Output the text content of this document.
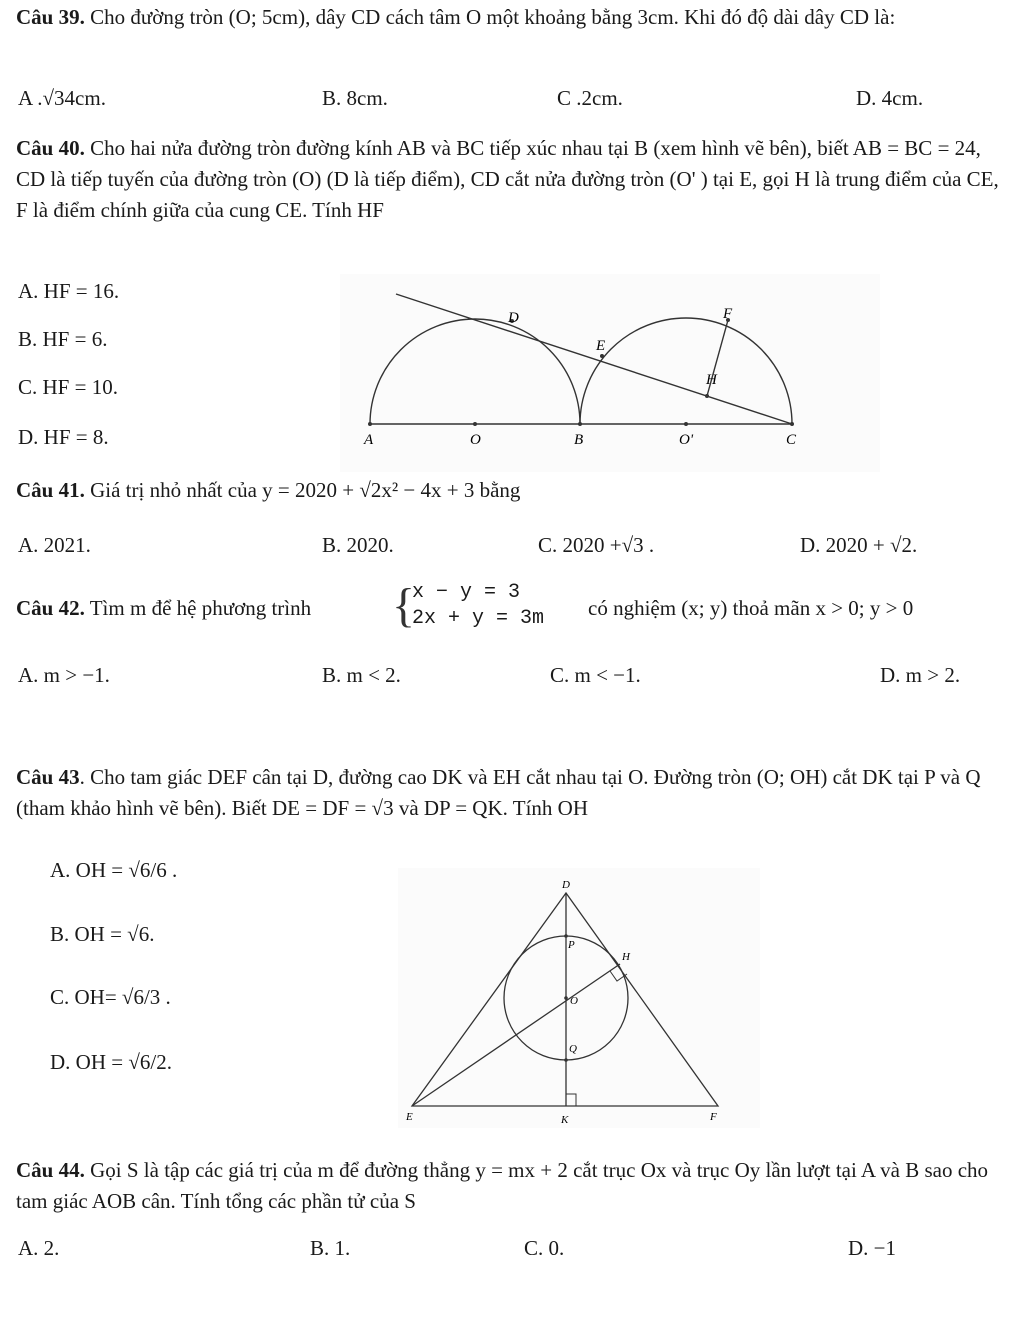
Câu 39. Cho đường tròn (O; 5cm), dây CD cách tâm O một khoảng bằng 3cm. Khi đó độ dài dây CD là:
A .√34cm.	B. 8cm.	C .2cm.	D. 4cm.
Câu 40. Cho hai nửa đường tròn đường kính AB và BC tiếp xúc nhau tại B (xem hình vẽ bên), biết AB = BC = 24, CD là tiếp tuyến của đường tròn (O) (D là tiếp điểm), CD cắt nửa đường tròn (O' ) tại E, gọi H là trung điểm của CE, F là điểm chính giữa của cung CE. Tính HF
A. HF = 16.
B. HF = 6.
C. HF = 10.
D. HF = 8.	A	O	B	O'	C
D
E
F
H
Câu 41. Giá trị nhỏ nhất của y = 2020 + √2x² − 4x + 3 bằng
A. 2021.	B. 2020.	C. 2020 +√3 .	D. 2020 + √2.
Câu 42. Tìm m để hệ phương trình {
x − y = 3
2x + y = 3m có nghiệm (x; y) thoả mãn x > 0; y > 0
A. m > −1.	B. m < 2.	C. m < −1.	D. m > 2.
Câu 43. Cho tam giác DEF cân tại D, đường cao DK và EH cắt nhau tại O. Đường tròn (O; OH) cắt DK tại P và Q (tham khảo hình vẽ bên). Biết DE = DF = √3 và DP = QK. Tính OH
A. OH = √6/6 .
B. OH = √6.
C. OH= √6/3 .
D. OH = √6/2.
D
P
H
O
Q
E	K	F
Câu 44. Gọi S là tập các giá trị của m để đường thẳng y = mx + 2 cắt trục Ox và trục Oy lần lượt tại A và B sao cho tam giác AOB cân. Tính tổng các phần tử của S
A. 2.	B. 1.	C. 0.	D. −1
